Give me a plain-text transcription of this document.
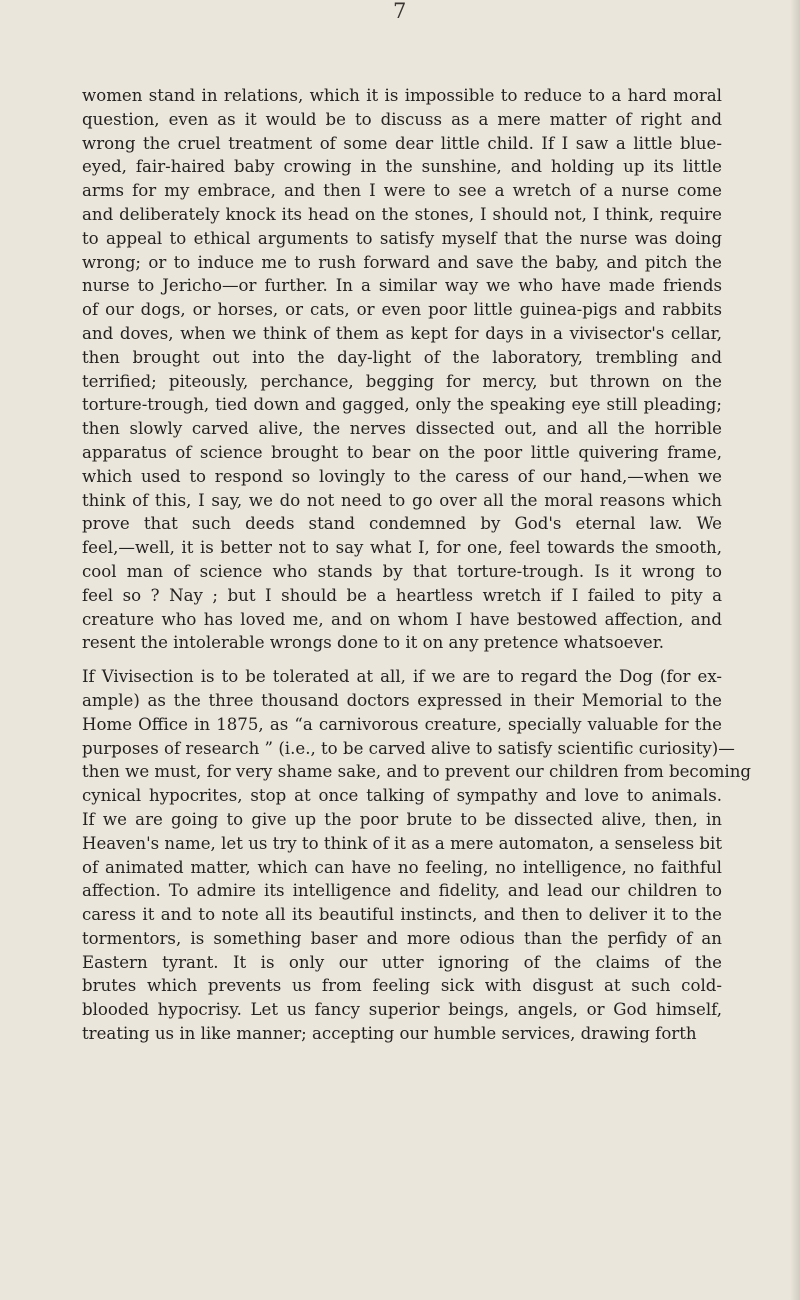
7
women stand in relations, which it is impossible to reduce to a hard moral
question, even as it would be to discuss as a mere matter of right and
wrong the cruel treatment of some dear little child. If I saw a little blue-
eyed, fair-haired baby crowing in the sunshine, and holding up its little
arms for my embrace, and then I were to see a wretch of a nurse come
and deliberately knock its head on the stones, I should not, I think, require
to appeal to ethical arguments to satisfy myself that the nurse was doing
wrong; or to induce me to rush forward and save the baby, and pitch the
nurse to Jericho—or further. In a similar way we who have made friends
of our dogs, or horses, or cats, or even poor little guinea-pigs and rabbits
and doves, when we think of them as kept for days in a vivisector's cellar,
then brought out into the day-light of the laboratory, trembling and
terrified; piteously, perchance, begging for mercy, but thrown on the
torture-trough, tied down and gagged, only the speaking eye still pleading;
then slowly carved alive, the nerves dissected out, and all the horrible
apparatus of science brought to bear on the poor little quivering frame,
which used to respond so lovingly to the caress of our hand,—when we
think of this, I say, we do not need to go over all the moral reasons which
prove that such deeds stand condemned by God's eternal law. We
feel,—well, it is better not to say what I, for one, feel towards the smooth,
cool man of science who stands by that torture-trough. Is it wrong to
feel so ? Nay ; but I should be a heartless wretch if I failed to pity a
creature who has loved me, and on whom I have bestowed affection, and
resent the intolerable wrongs done to it on any pretence whatsoever.
If Vivisection is to be tolerated at all, if we are to regard the Dog (for ex-
ample) as the three thousand doctors expressed in their Memorial to the
Home Office in 1875, as “a carnivorous creature, specially valuable for the
purposes of research ” (i.e., to be carved alive to satisfy scientific curiosity)—
then we must, for very shame sake, and to prevent our children from becoming
cynical hypocrites, stop at once talking of sympathy and love to animals.
If we are going to give up the poor brute to be dissected alive, then, in
Heaven's name, let us try to think of it as a mere automaton, a senseless bit
of animated matter, which can have no feeling, no intelligence, no faithful
affection. To admire its intelligence and fidelity, and lead our children to
caress it and to note all its beautiful instincts, and then to deliver it to the
tormentors, is something baser and more odious than the perfidy of an
Eastern tyrant. It is only our utter ignoring of the claims of the
brutes which prevents us from feeling sick with disgust at such cold-
blooded hypocrisy. Let us fancy superior beings, angels, or God himself,
treating us in like manner; accepting our humble services, drawing forth
